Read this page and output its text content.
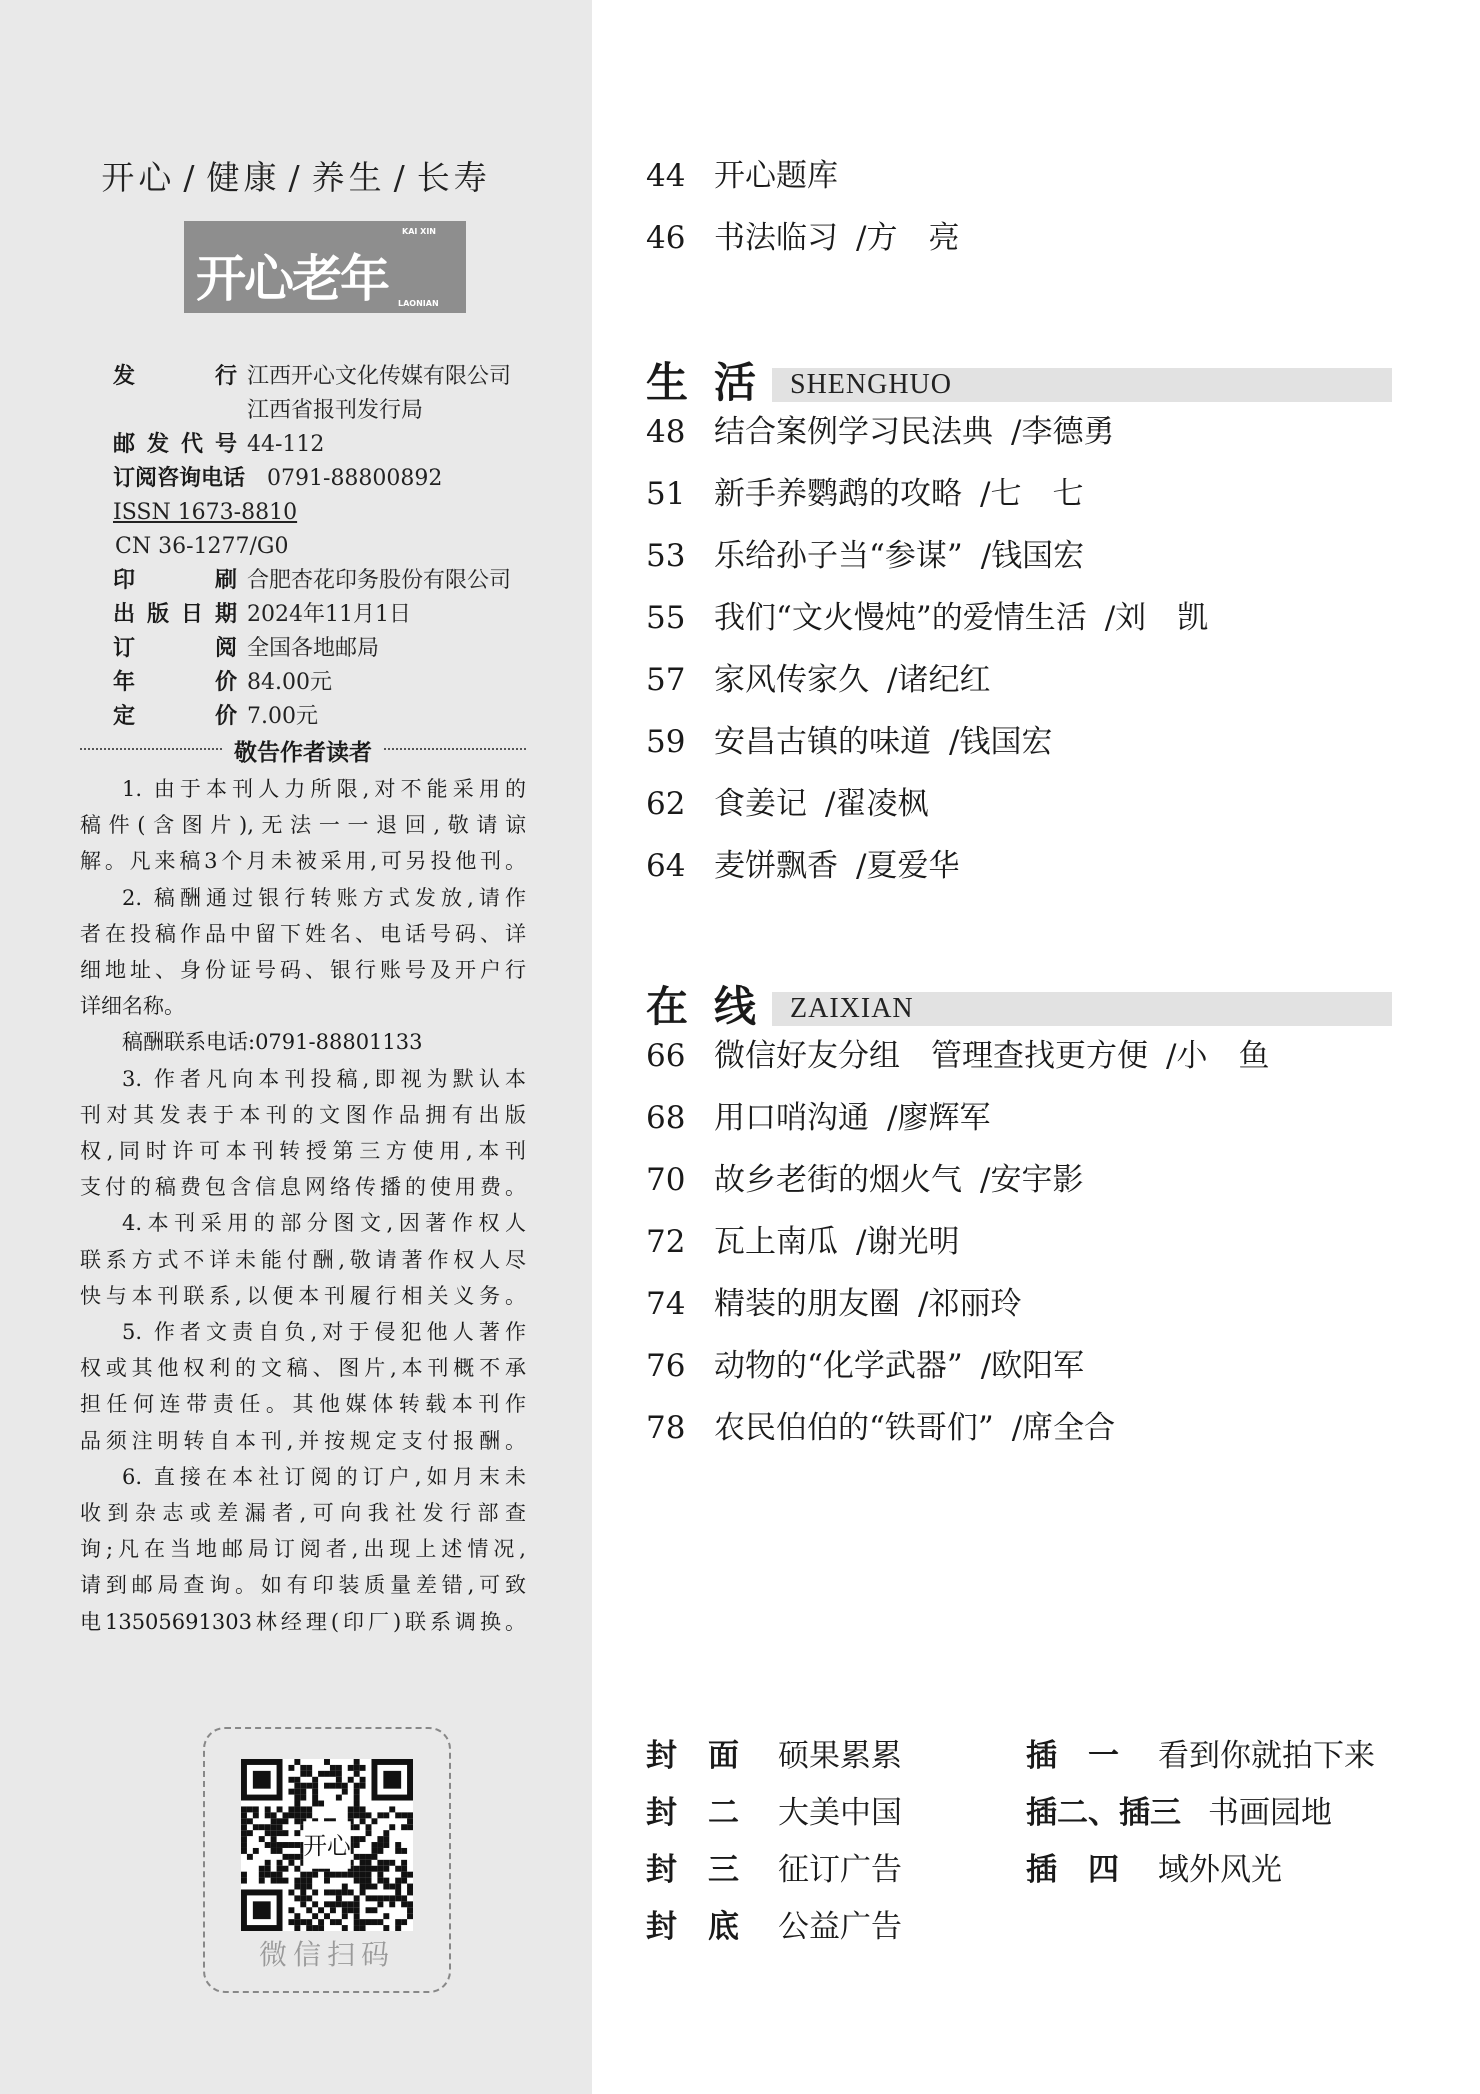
开心 / 健康 / 养生 / 长寿
KAI XIN
开心老年 LAONIAN
发行 江西开心文化传媒有限公司
江西省报刊发行局
邮发代号 44-112
订阅咨询电话 0791-88800892
ISSN 1673-8810
CN 36-1277/G0
印刷 合肥杏花印务股份有限公司
出版日期 2024年11月1日
订阅 全国各地邮局
年价 84.00元
定价 7.00元
敬告作者读者

1. 由于本刊人力所限,对不能采用的

稿件(含图片),无法一一退回,敬请谅

解。凡来稿3个月未被采用,可另投他刊。

2. 稿酬通过银行转账方式发放,请作

者在投稿作品中留下姓名、电话号码、详

细地址、身份证号码、银行账号及开户行

详细名称。

稿酬联系电话:0791-88801133

3. 作者凡向本刊投稿,即视为默认本

刊对其发表于本刊的文图作品拥有出版

权,同时许可本刊转授第三方使用,本刊

支付的稿费包含信息网络传播的使用费。

4.本刊采用的部分图文,因著作权人

联系方式不详未能付酬,敬请著作权人尽

快与本刊联系,以便本刊履行相关义务。

5. 作者文责自负,对于侵犯他人著作

权或其他权利的文稿、图片,本刊概不承

担任何连带责任。其他媒体转载本刊作

品须注明转自本刊,并按规定支付报酬。

6. 直接在本社订阅的订户,如月末未

收到杂志或差漏者,可向我社发行部查

询;凡在当地邮局订阅者,出现上述情况,

请到邮局查询。如有印装质量差错,可致

电13505691303林经理(印厂)联系调换。

开心
微信扫码
44 开心题库
46 书法临习 /方　亮
生活 SHENGHUO
48 结合案例学习民法典 /李德勇
51 新手养鹦鹉的攻略 /七　七
53 乐给孙子当“参谋” /钱国宏
55 我们“文火慢炖”的爱情生活 /刘　凯
57 家风传家久 /诸纪红
59 安昌古镇的味道 /钱国宏
62 食姜记 /翟凌枫
64 麦饼飘香 /夏爱华
在线 ZAIXIAN
66 微信好友分组　管理查找更方便 /小　鱼
68 用口哨沟通 /廖辉军
70 故乡老街的烟火气 /安宇影
72 瓦上南瓜 /谢光明
74 精装的朋友圈 /祁丽玲
76 动物的“化学武器” /欧阳军
78 农民伯伯的“铁哥们” /席全合
封　面 硕果累累
封　二 大美中国
封　三 征订广告
封　底 公益广告
插　一 看到你就拍下来
插二、插三 书画园地
插　四 域外风光
